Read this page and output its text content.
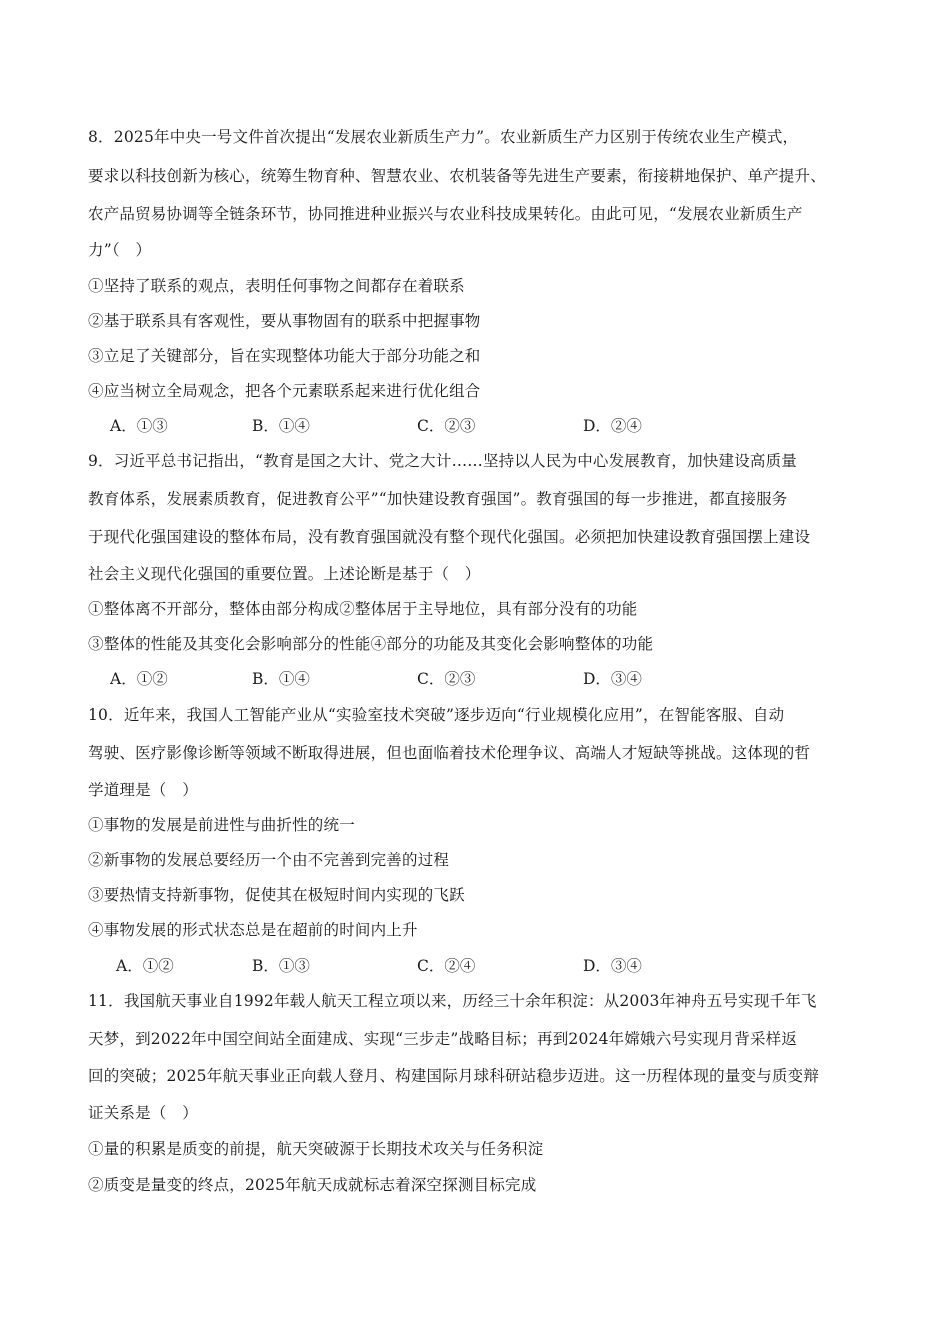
8．2025年中央一号文件首次提出“发展农业新质生产力”。农业新质生产力区别于传统农业生产模式，
要求以科技创新为核心，统筹生物育种、智慧农业、农机装备等先进生产要素，衔接耕地保护、单产提升、
农产品贸易协调等全链条环节，协同推进种业振兴与农业科技成果转化。由此可见，“发展农业新质生产
力”（　）
①坚持了联系的观点，表明任何事物之间都存在着联系
②基于联系具有客观性，要从事物固有的联系中把握事物
③立足了关键部分，旨在实现整体功能大于部分功能之和
④应当树立全局观念，把各个元素联系起来进行优化组合
A．①③	B．①④	C．②③	D．②④
9．习近平总书记指出，“教育是国之大计、党之大计……坚持以人民为中心发展教育，加快建设高质量
教育体系，发展素质教育，促进教育公平”“加快建设教育强国”。教育强国的每一步推进，都直接服务
于现代化强国建设的整体布局，没有教育强国就没有整个现代化强国。必须把加快建设教育强国摆上建设
社会主义现代化强国的重要位置。上述论断是基于（　）
①整体离不开部分，整体由部分构成②整体居于主导地位，具有部分没有的功能
③整体的性能及其变化会影响部分的性能④部分的功能及其变化会影响整体的功能
A．①②	B．①④	C．②③	D．③④
10．近年来，我国人工智能产业从“实验室技术突破”逐步迈向“行业规模化应用”，在智能客服、自动
驾驶、医疗影像诊断等领域不断取得进展，但也面临着技术伦理争议、高端人才短缺等挑战。这体现的哲
学道理是（　）
①事物的发展是前进性与曲折性的统一
②新事物的发展总要经历一个由不完善到完善的过程
③要热情支持新事物，促使其在极短时间内实现的飞跃
④事物发展的形式状态总是在超前的时间内上升
A．①②	B．①③	C．②④	D．③④
11．我国航天事业自1992年载人航天工程立项以来，历经三十余年积淀：从2003年神舟五号实现千年飞
天梦，到2022年中国空间站全面建成、实现“三步走”战略目标；再到2024年嫦娥六号实现月背采样返
回的突破；2025年航天事业正向载人登月、构建国际月球科研站稳步迈进。这一历程体现的量变与质变辩
证关系是（　）
①量的积累是质变的前提，航天突破源于长期技术攻关与任务积淀
②质变是量变的终点，2025年航天成就标志着深空探测目标完成
